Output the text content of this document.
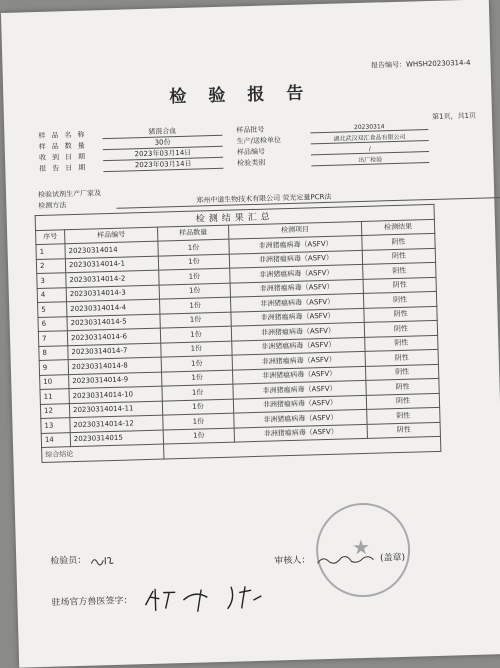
报告编号：WHSH20230314-4
检验报告
第1页，共1页
样品名称	猪混合血	样品批号	20230314
样品数量	30份	生产/送检单位	湖北武汉双汇食品有限公司
收到日期	2023年03月14日	样品编号	/
报告日期	2023年03月14日	检验类别	出厂检验
检验试剂生产厂家及
检测方法
郑州中道生物技术有限公司 荧光定量PCR法
检测结果汇总				
序号	样品编号	样品数量	检测项目	检测结果
1	20230314014	1份	非洲猪瘟病毒（ASFV）	阴性
2	20230314014-1	1份	非洲猪瘟病毒（ASFV）	阴性
3	20230314014-2	1份	非洲猪瘟病毒（ASFV）	阴性
4	20230314014-3	1份	非洲猪瘟病毒（ASFV）	阴性
5	20230314014-4	1份	非洲猪瘟病毒（ASFV）	阴性
6	20230314014-5	1份	非洲猪瘟病毒（ASFV）	阴性
7	20230314014-6	1份	非洲猪瘟病毒（ASFV）	阴性
8	20230314014-7	1份	非洲猪瘟病毒（ASFV）	阴性
9	20230314014-8	1份	非洲猪瘟病毒（ASFV）	阴性
10	20230314014-9	1份	非洲猪瘟病毒（ASFV）	阴性
11	20230314014-10	1份	非洲猪瘟病毒（ASFV）	阴性
12	20230314014-11	1份	非洲猪瘟病毒（ASFV）	阴性
13	20230314014-12	1份	非洲猪瘟病毒（ASFV）	阴性
14	20230314015	1份	非洲猪瘟病毒（ASFV）	阴性
综合结论				
★
检验员：	审核人：	(盖章)
驻场官方兽医签字：
